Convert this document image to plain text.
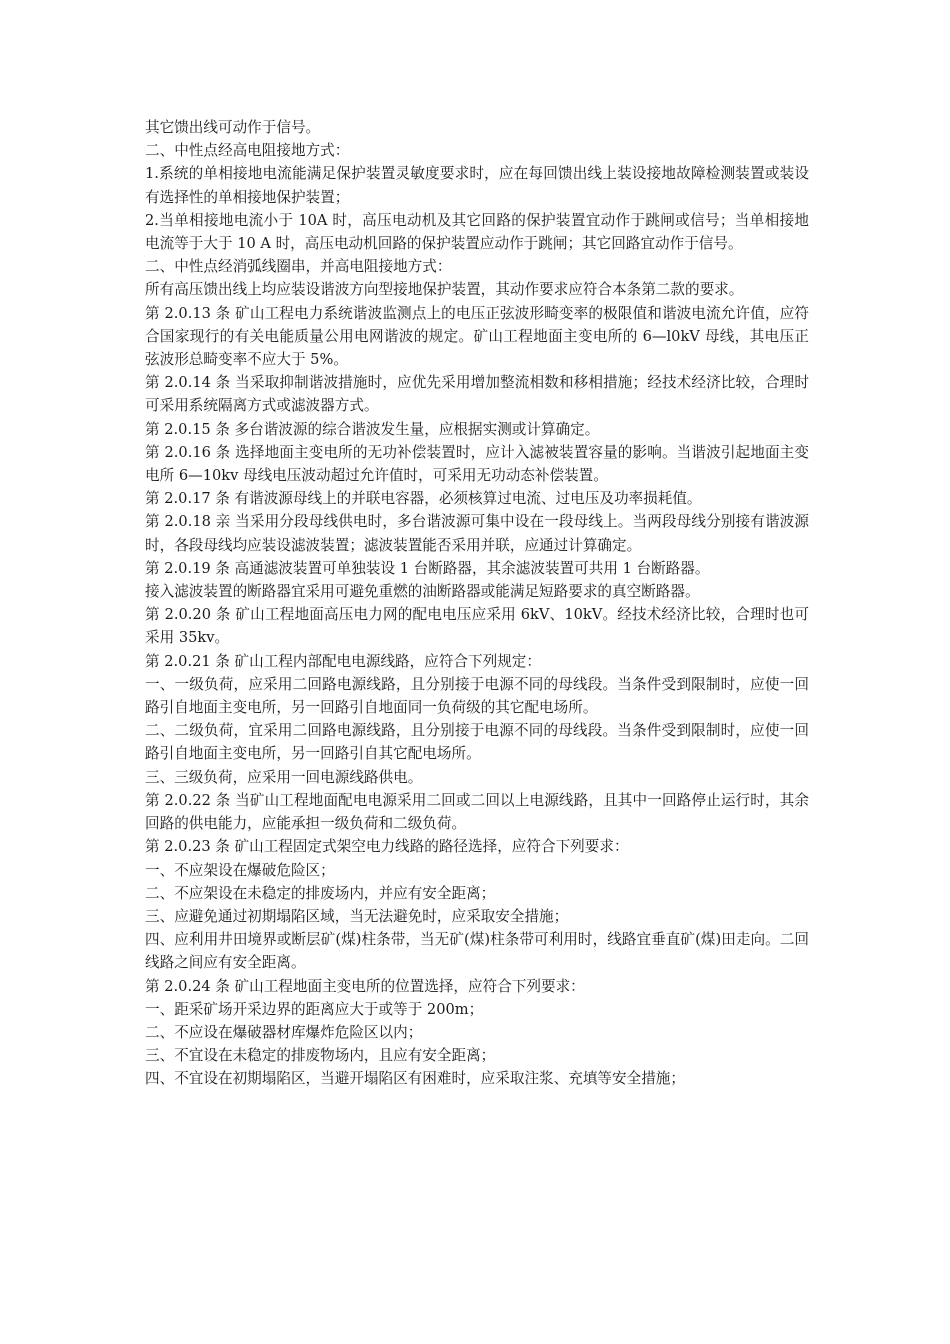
其它馈出线可动作于信号。

二、中性点经高电阻接地方式：

1.系统的单相接地电流能满足保护装置灵敏度要求时，应在每回馈出线上装设接地故障检测装置或装设有选择性的单相接地保护装置；

2.当单相接地电流小于 10A 时，高压电动机及其它回路的保护装置宜动作于跳闸或信号；当单相接地电流等于大于 10 A 时，高压电动机回路的保护装置应动作于跳闸；其它回路宜动作于信号。

二、中性点经消弧线圈串，并高电阻接地方式：

所有高压馈出线上均应装设谐波方向型接地保护装置，其动作要求应符合本条第二款的要求。

第 2.0.13 条 矿山工程电力系统谐波监测点上的电压正弦波形畸变率的极限值和谐波电流允许值，应符合国家现行的有关电能质量公用电网谐波的规定。矿山工程地面主变电所的 6—l0kV 母线，其电压正弦波形总畸变率不应大于 5%。

第 2.0.14 条 当采取抑制谐波措施时，应优先采用增加整流相数和移相措施；经技术经济比较，合理时可采用系统隔离方式或滤波器方式。

第 2.0.15 条 多台谐波源的综合谐波发生量，应根据实测或计算确定。

第 2.0.16 条 选择地面主变电所的无功补偿装置时，应计入滤被装置容量的影响。当谐波引起地面主变电所 6—10kv 母线电压波动超过允许值时，可采用无功动态补偿装置。

第 2.0.17 条 有谐波源母线上的并联电容器，必须核算过电流、过电压及功率损耗值。

第 2.0.18 亲 当采用分段母线供电时，多台谐波源可集中设在一段母线上。当两段母线分别接有谐波源时，各段母线均应装设滤波装置；滤波装置能否采用并联，应通过计算确定。

第 2.0.19 条 高通滤波装置可单独装设 1 台断路器，其余滤波装置可共用 1 台断路器。

接入滤波装置的断路器宜采用可避免重燃的油断路器或能满足短路要求的真空断路器。

第 2.0.20 条 矿山工程地面高压电力网的配电电压应采用 6kV、10kV。经技术经济比较，合理时也可采用 35kv。

第 2.0.21 条 矿山工程内部配电电源线路，应符合下列规定：

一、一级负荷，应采用二回路电源线路，且分别接于电源不同的母线段。当条件受到限制时，应使一回路引自地面主变电所，另一回路引自地面同一负荷级的其它配电场所。

二、二级负荷，宜采用二回路电源线路，且分别接于电源不同的母线段。当条件受到限制时，应使一回路引自地面主变电所，另一回路引自其它配电场所。

三、三级负荷，应采用一回电源线路供电。

第 2.0.22 条 当矿山工程地面配电电源采用二回或二回以上电源线路，且其中一回路停止运行时，其余回路的供电能力，应能承担一级负荷和二级负荷。

第 2.0.23 条 矿山工程固定式架空电力线路的路径选择，应符合下列要求：

一、不应架设在爆破危险区；

二、不应架设在未稳定的排废场内，并应有安全距离；

三、应避免通过初期塌陷区域，当无法避免时，应采取安全措施；

四、应利用井田境界或断层矿(煤)柱条带，当无矿(煤)柱条带可利用时，线路宜垂直矿(煤)田走向。二回线路之间应有安全距离。

第 2.0.24 条 矿山工程地面主变电所的位置选择，应符合下列要求：

一、距采矿场开采边界的距离应大于或等于 200m；

二、不应设在爆破器材库爆炸危险区以内；

三、不宜设在未稳定的排废物场内，且应有安全距离；

四、不宜设在初期塌陷区，当避开塌陷区有困难时，应采取注浆、充填等安全措施；
